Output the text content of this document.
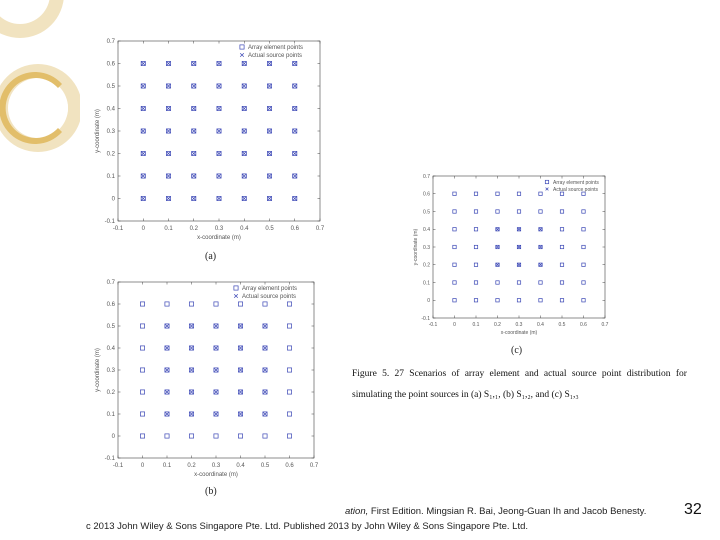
-0.1	0	0.1	0.2	0.3	0.4	0.5	0.6	0.7
-0.1
0
0.1
0.2
0.3
0.4
0.5
0.6
0.7
x-coordinate (m)
y-coordinate (m)
Array element points
Actual source points
(a)
-0.1	0	0.1	0.2	0.3	0.4	0.5	0.6	0.7
-0.1
0
0.1
0.2
0.3
0.4
0.5
0.6
0.7
x-coordinate (m)
y-coordinate (m)
Array element points
Actual source points
(b)
-0.1	0	0.1	0.2	0.3	0.4	0.5	0.6	0.7
-0.1
0
0.1
0.2
0.3
0.4
0.5
0.6
0.7
x-coordinate (m)
y-coordinate (m)
Array element points
Actual source points
(c)
Figure 5. 27 Scenarios of array element and actual source point distribution for
simulating the point sources in (a) S₁,₁, (b) S₁,₂, and (c) S₁,₃
ation, First Edition. Mingsian R. Bai, Jeong-Guan Ih and Jacob Benesty.
c 2013 John Wiley & Sons Singapore Pte. Ltd. Published 2013 by John Wiley & Sons Singapore Pte. Ltd.
32
